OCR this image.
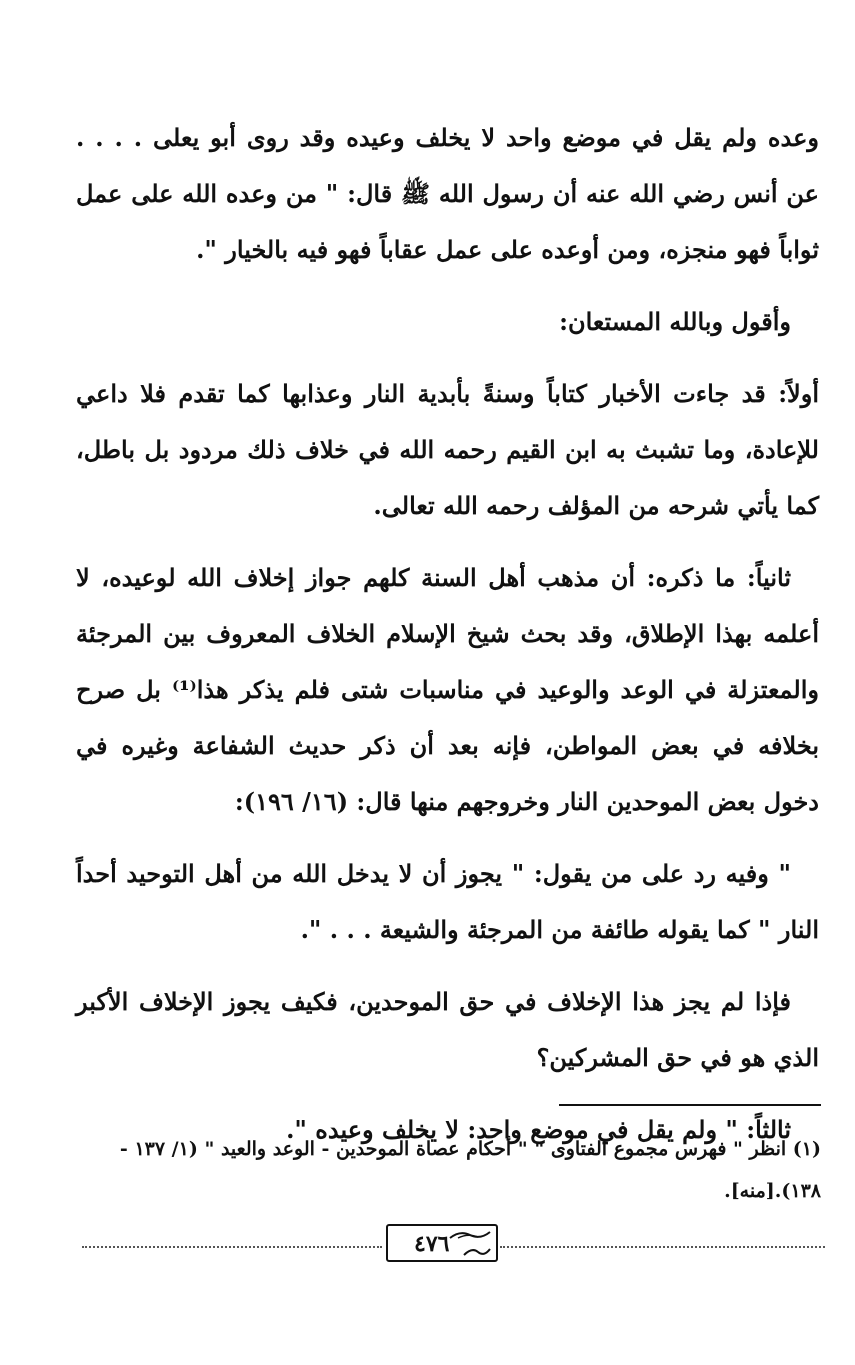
وعده ولم يقل في موضع واحد لا يخلف وعيده وقد روى أبو يعلى . . . . عن أنس رضي الله عنه أن رسول الله ﷺ قال: " من وعده الله على عمل ثواباً فهو منجزه، ومن أوعده على عمل عقاباً فهو فيه بالخيار ".

وأقول وبالله المستعان:

أولاً: قد جاءت الأخبار كتاباً وسنةً بأبدية النار وعذابها كما تقدم فلا داعي للإعادة، وما تشبث به ابن القيم رحمه الله في خلاف ذلك مردود بل باطل، كما يأتي شرحه من المؤلف رحمه الله تعالى.

ثانياً: ما ذكره: أن مذهب أهل السنة كلهم جواز إخلاف الله لوعيده، لا أعلمه بهذا الإطلاق، وقد بحث شيخ الإسلام الخلاف المعروف بين المرجئة والمعتزلة في الوعد والوعيد في مناسبات شتى فلم يذكر هذا⁽¹⁾ بل صرح بخلافه في بعض المواطن، فإنه بعد أن ذكر حديث الشفاعة وغيره في دخول بعض الموحدين النار وخروجهم منها قال: (١٦/ ١٩٦):

" وفيه رد على من يقول: " يجوز أن لا يدخل الله من أهل التوحيد أحداً النار " كما يقوله طائفة من المرجئة والشيعة . . . ".

فإذا لم يجز هذا الإخلاف في حق الموحدين، فكيف يجوز الإخلاف الأكبر الذي هو في حق المشركين؟

ثالثاً: " ولم يقل في موضع واحد: لا يخلف وعيده ".

(١) انظر " فهرس مجموع الفتاوى " " أحكام عصاة الموحدين - الوعد والعيد " (١/ ١٣٧ - ١٣٨).[منه].
٤٧٦
